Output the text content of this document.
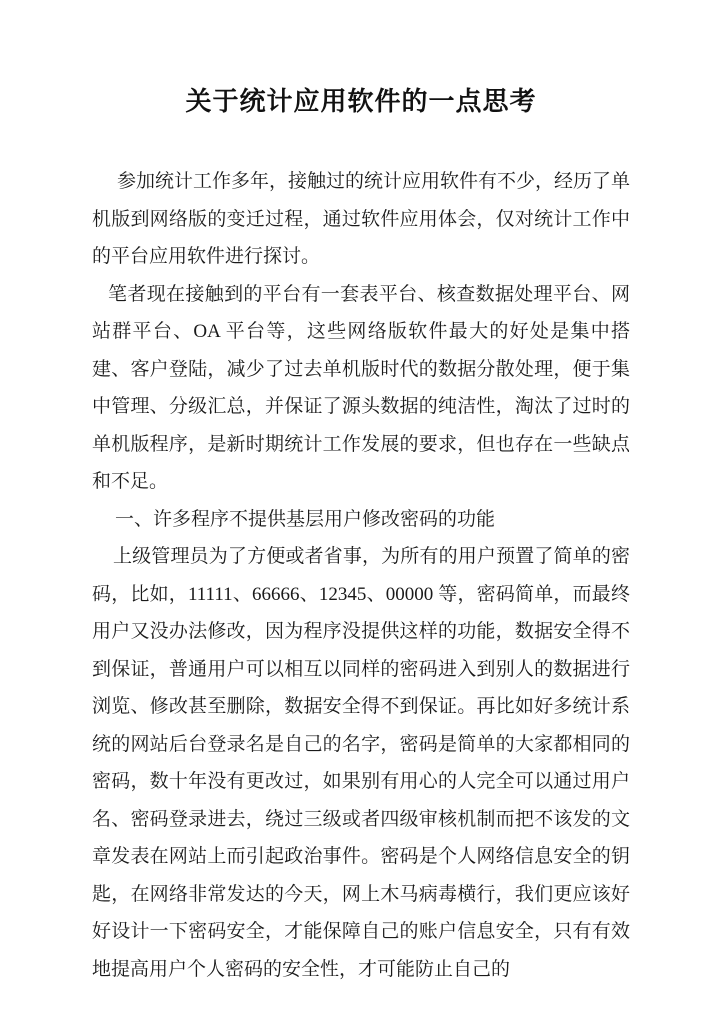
关于统计应用软件的一点思考

参加统计工作多年，接触过的统计应用软件有不少，经历了单机版到网络版的变迁过程，通过软件应用体会，仅对统计工作中的平台应用软件进行探讨。

笔者现在接触到的平台有一套表平台、核查数据处理平台、网站群平台、OA 平台等，这些网络版软件最大的好处是集中搭建、客户登陆，减少了过去单机版时代的数据分散处理，便于集中管理、分级汇总，并保证了源头数据的纯洁性，淘汰了过时的单机版程序，是新时期统计工作发展的要求，但也存在一些缺点和不足。

一、许多程序不提供基层用户修改密码的功能

上级管理员为了方便或者省事，为所有的用户预置了简单的密码，比如，11111、66666、12345、00000 等，密码简单，而最终用户又没办法修改，因为程序没提供这样的功能，数据安全得不到保证，普通用户可以相互以同样的密码进入到别人的数据进行浏览、修改甚至删除，数据安全得不到保证。再比如好多统计系统的网站后台登录名是自己的名字，密码是简单的大家都相同的密码，数十年没有更改过，如果别有用心的人完全可以通过用户名、密码登录进去，绕过三级或者四级审核机制而把不该发的文章发表在网站上而引起政治事件。密码是个人网络信息安全的钥匙，在网络非常发达的今天，网上木马病毒横行，我们更应该好好设计一下密码安全，才能保障自己的账户信息安全，只有有效地提高用户个人密码的安全性，才可能防止自己的
